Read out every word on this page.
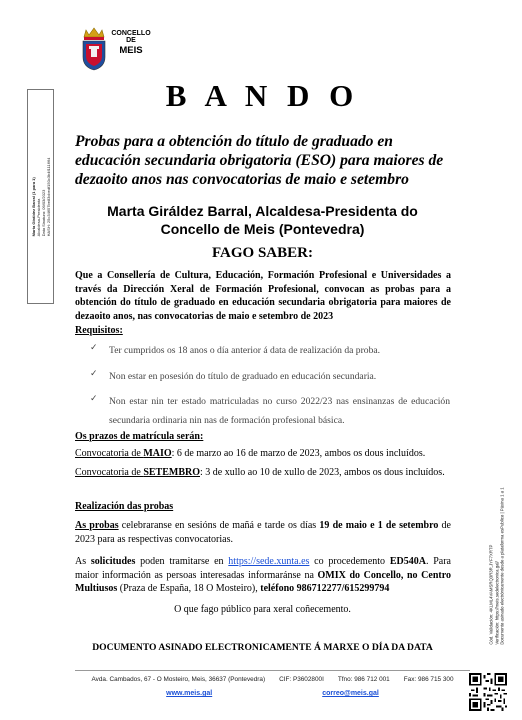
CONCELLO
DE
MEIS
Marta Giráldez Barral (1 para 1) Alcaldesa-Presidenta Data Sinatura: 09/03/2023 HASH: 25c34657be83cbedf150c3b4f111664
Cód. Validación: 4KLML4VAMSRQ3R3R,JYF7XRTP Verificación: https://meis.sedelectronica.gal/ Documento asinado electrónicamente desde a plataforma esPublico | Páxina 1 a 1
B A N D O
Probas para a obtención do título de graduado en educación secundaria obrigatoria (ESO) para maiores de dezaoito anos nas convocatorias de maio e setembro
Marta Giráldez Barral, Alcaldesa-Presidenta do
Concello de Meis (Pontevedra)
FAGO SABER:
Que a Consellería de Cultura, Educación, Formación Profesional e Universidades a través da Dirección Xeral de Formación Profesional, convocan as probas para a obtención do título de graduado en educación secundaria obrigatoria para maiores de dezaoito anos, nas convocatorias de maio e setembro de 2023
Requisitos:
✓ Ter cumpridos os 18 anos o día anterior á data de realización da proba.
✓ Non estar en posesión do título de graduado en educación secundaria.
✓ Non estar nin ter estado matriculadas no curso 2022/23 nas ensinanzas de educación secundaria ordinaria nin nas de formación profesional básica.
Os prazos de matrícula serán:
Convocatoria de MAIO: 6 de marzo ao 16 de marzo de 2023, ambos os dous incluídos.
Convocatoria de SETEMBRO: 3 de xullo ao 10 de xullo de 2023, ambos os dous incluídos.
Realización das probas
As probas celebraranse en sesións de mañá e tarde os días 19 de maio e 1 de setembro de 2023 para as respectivas convocatorias.
As solicitudes poden tramitarse en https://sede.xunta.es co procedemento ED540A. Para maior información as persoas interesadas informaránse na OMIX do Concello, no Centro Multiusos (Praza de España, 18 O Mosteiro), teléfono 986712277/615299794
O que fago público para xeral coñecemento.
DOCUMENTO ASINADO ELECTRONICAMENTE Á MARXE O DÍA DA DATA
Avda. Cambados, 67 - O Mosteiro, Meis, 36637 (Pontevedra) CIF: P3602800I Tfno: 986 712 001 Fax: 986 715 300
www.meis.gal	correo@meis.gal
